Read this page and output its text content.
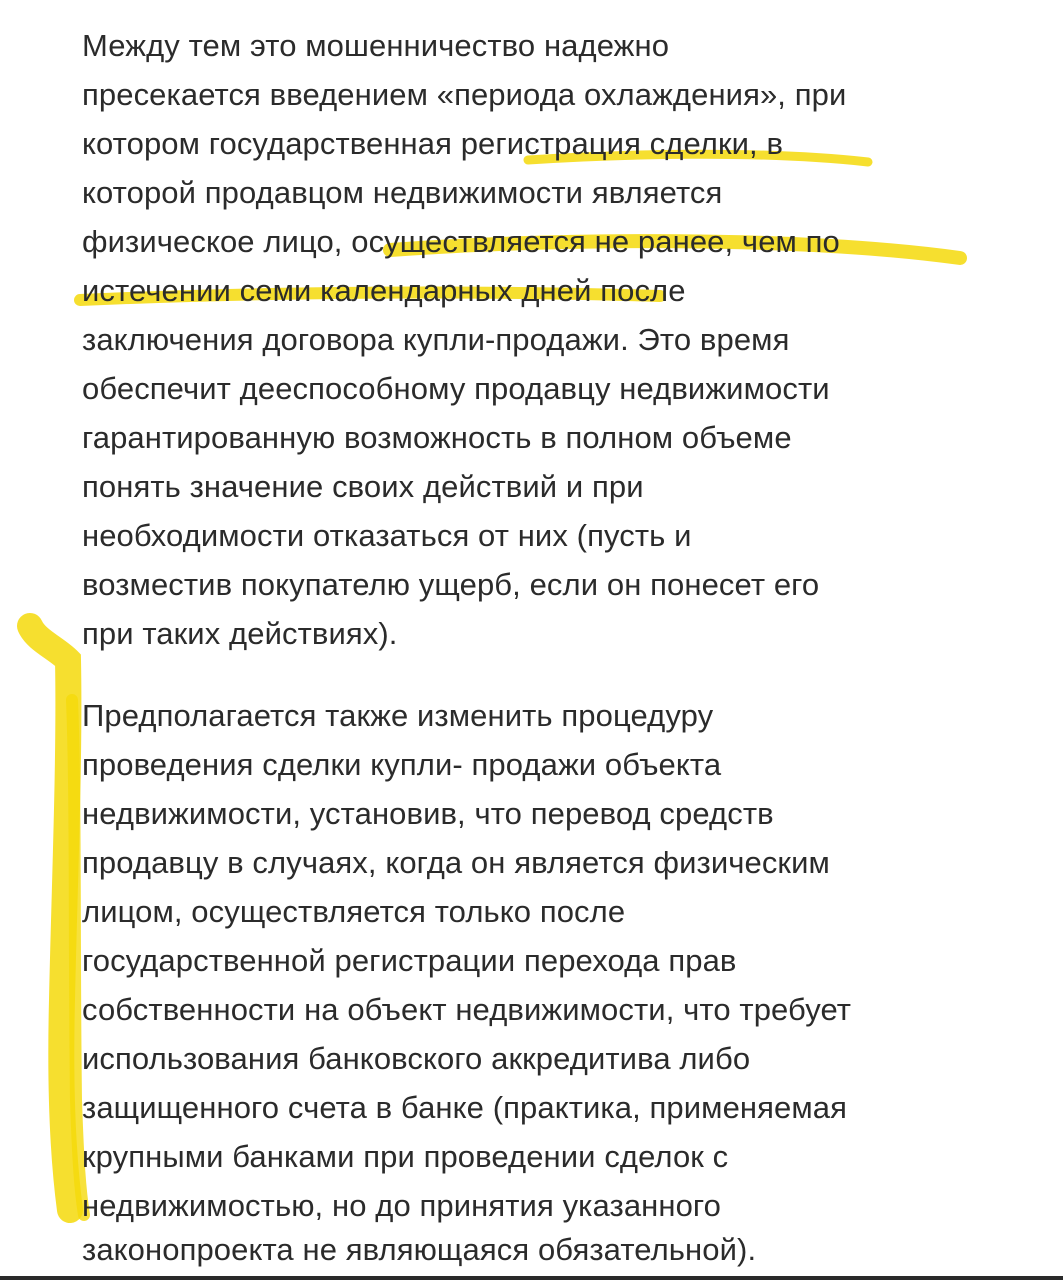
Между тем это мошенничество надежно

пресекается введением «периода охлаждения», при

котором государственная регистрация сделки, в

которой продавцом недвижимости является

физическое лицо, осуществляется не ранее, чем по

истечении семи календарных дней после

заключения договора купли-продажи. Это время

обеспечит дееспособному продавцу недвижимости

гарантированную возможность в полном объеме

понять значение своих действий и при

необходимости отказаться от них (пусть и

возместив покупателю ущерб, если он понесет его

при таких действиях).

Предполагается также изменить процедуру

проведения сделки купли- продажи объекта

недвижимости, установив, что перевод средств

продавцу в случаях, когда он является физическим

лицом, осуществляется только после

государственной регистрации перехода прав

собственности на объект недвижимости, что требует

использования банковского аккредитива либо

защищенного счета в банке (практика, применяемая

крупными банками при проведении сделок с

недвижимостью, но до принятия указанного

законопроекта не являющаяся обязательной).
